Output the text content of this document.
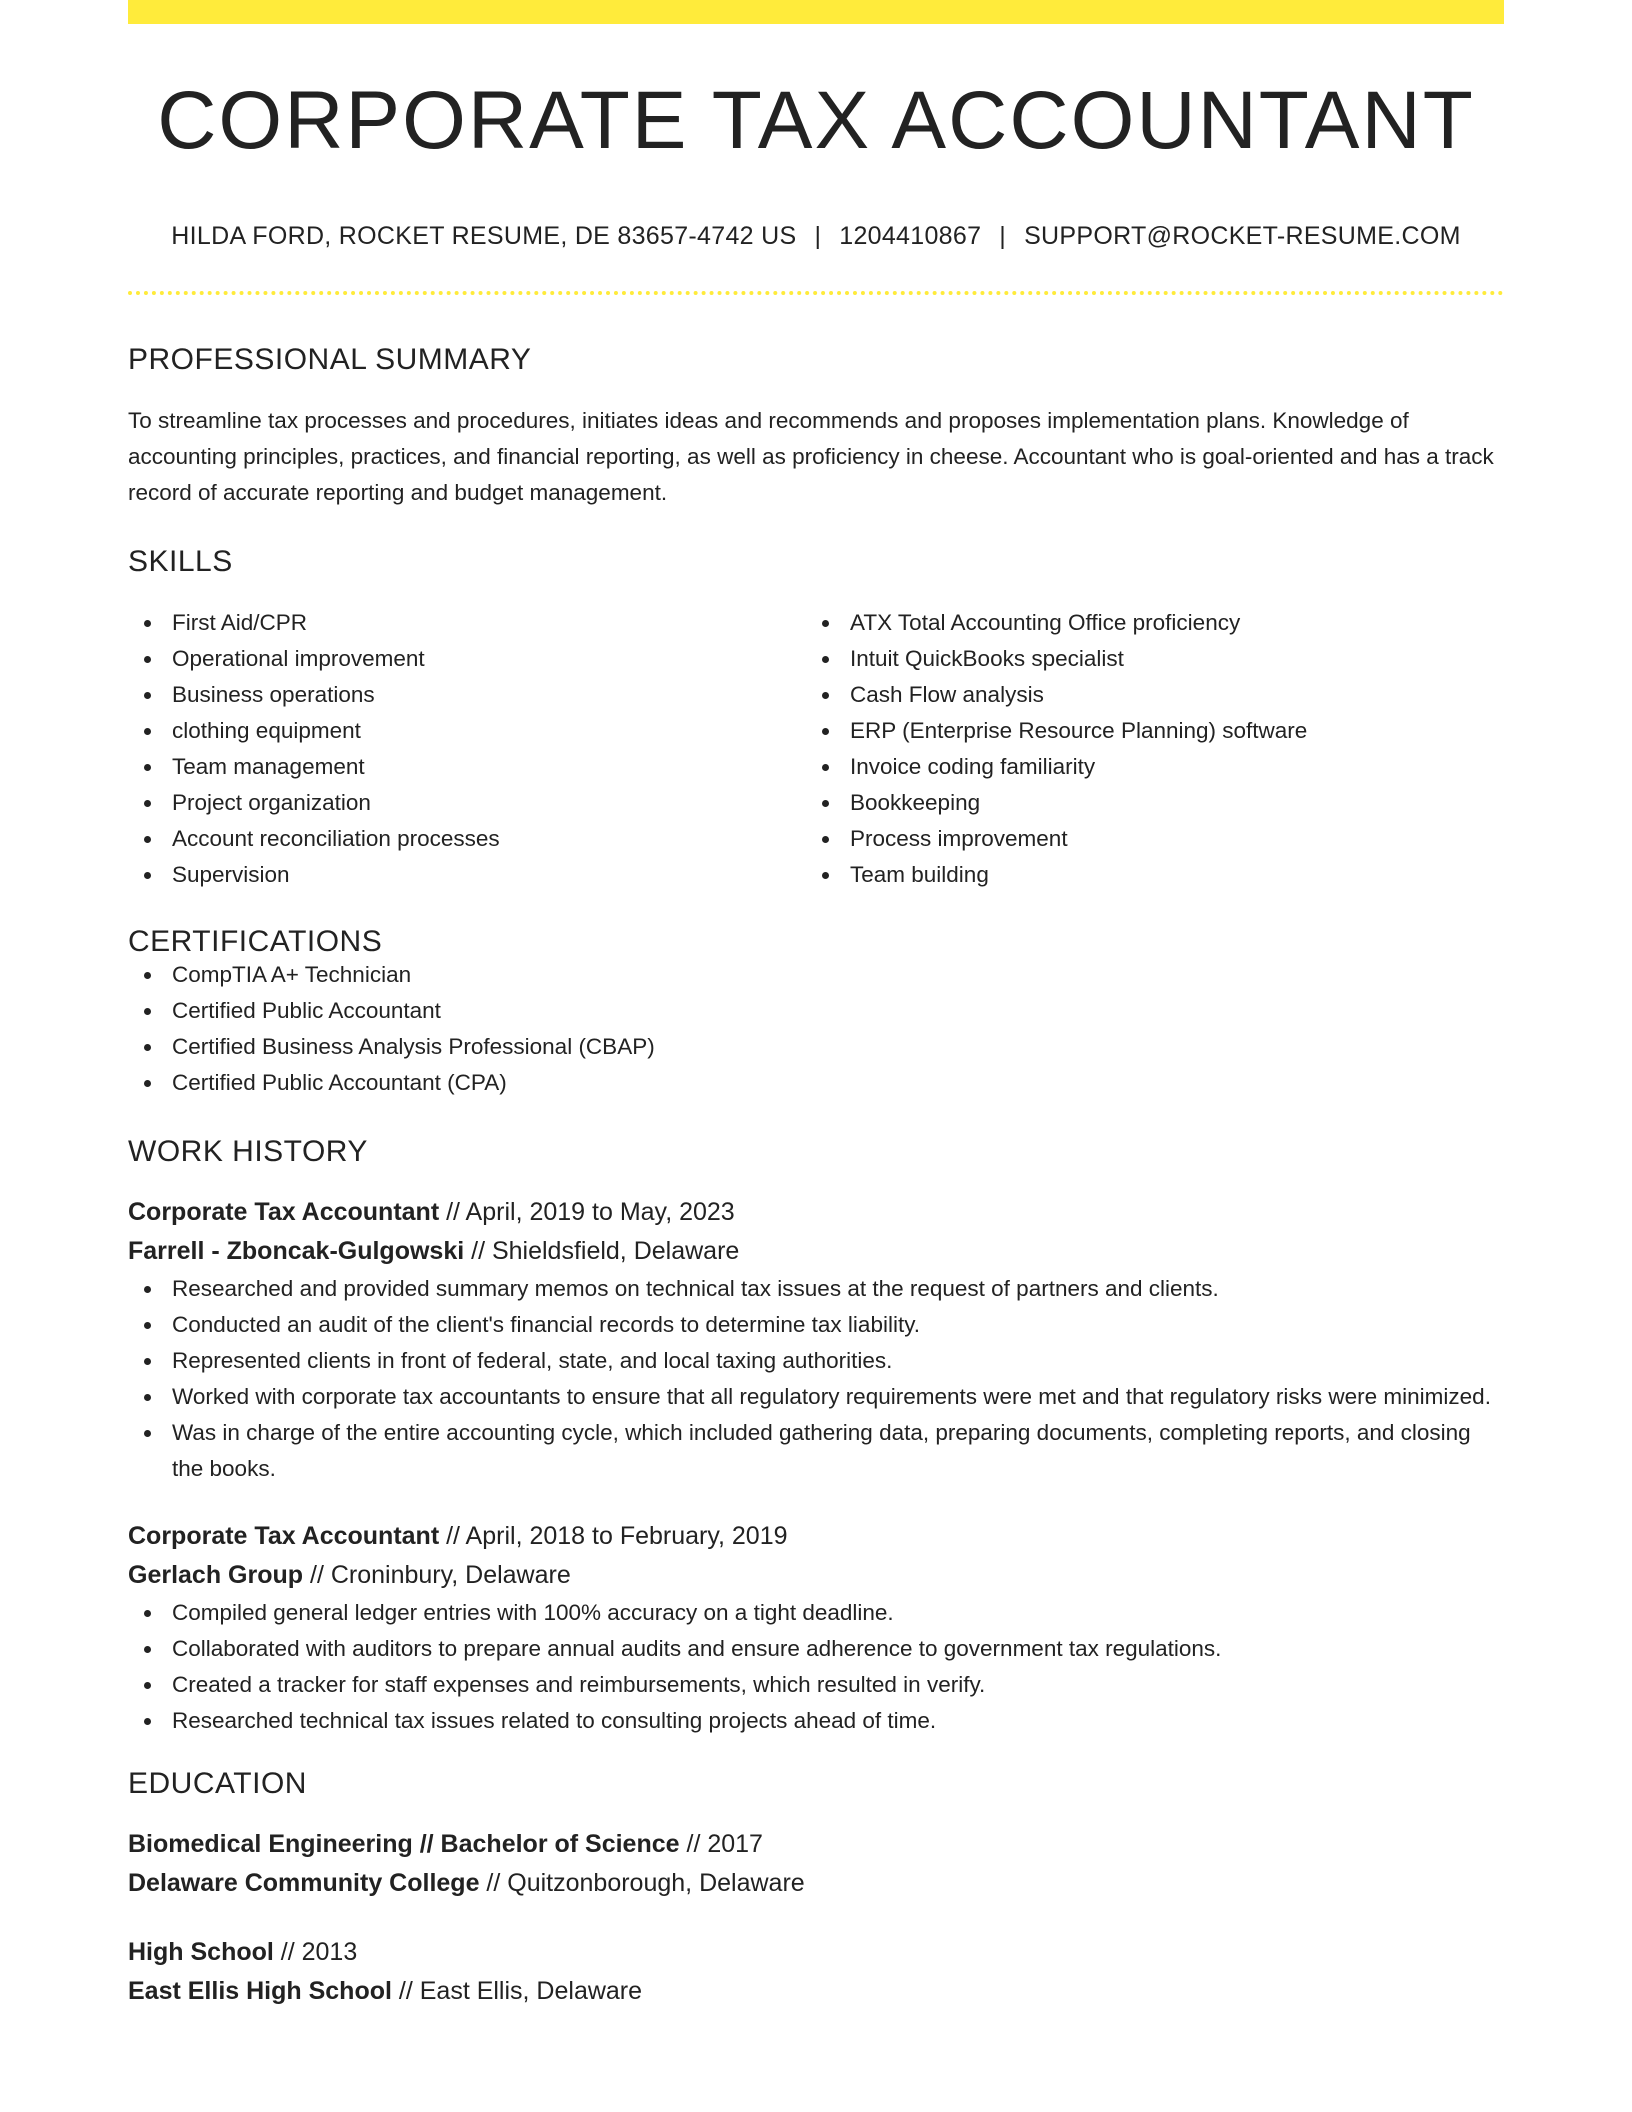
CORPORATE TAX ACCOUNTANT
HILDA FORD, ROCKET RESUME, DE 83657-4742 US | 1204410867 | SUPPORT@ROCKET-RESUME.COM
PROFESSIONAL SUMMARY

To streamline tax processes and procedures, initiates ideas and recommends and proposes implementation plans. Knowledge of accounting principles, practices, and financial reporting, as well as proficiency in cheese. Accountant who is goal-oriented and has a track record of accurate reporting and budget management.

SKILLS
First Aid/CPR
Operational improvement
Business operations
clothing equipment
Team management
Project organization
Account reconciliation processes
Supervision
ATX Total Accounting Office proficiency
Intuit QuickBooks specialist
Cash Flow analysis
ERP (Enterprise Resource Planning) software
Invoice coding familiarity
Bookkeeping
Process improvement
Team building
CERTIFICATIONS
CompTIA A+ Technician
Certified Public Accountant
Certified Business Analysis Professional (CBAP)
Certified Public Accountant (CPA)
WORK HISTORY
Corporate Tax Accountant // April, 2019 to May, 2023
Farrell - Zboncak-Gulgowski // Shieldsfield, Delaware
Researched and provided summary memos on technical tax issues at the request of partners and clients.
Conducted an audit of the client's financial records to determine tax liability.
Represented clients in front of federal, state, and local taxing authorities.
Worked with corporate tax accountants to ensure that all regulatory requirements were met and that regulatory risks were minimized.
Was in charge of the entire accounting cycle, which included gathering data, preparing documents, completing reports, and closing the books.
Corporate Tax Accountant // April, 2018 to February, 2019
Gerlach Group // Croninbury, Delaware
Compiled general ledger entries with 100% accuracy on a tight deadline.
Collaborated with auditors to prepare annual audits and ensure adherence to government tax regulations.
Created a tracker for staff expenses and reimbursements, which resulted in verify.
Researched technical tax issues related to consulting projects ahead of time.
EDUCATION
Biomedical Engineering // Bachelor of Science // 2017
Delaware Community College // Quitzonborough, Delaware
High School // 2013
East Ellis High School // East Ellis, Delaware
